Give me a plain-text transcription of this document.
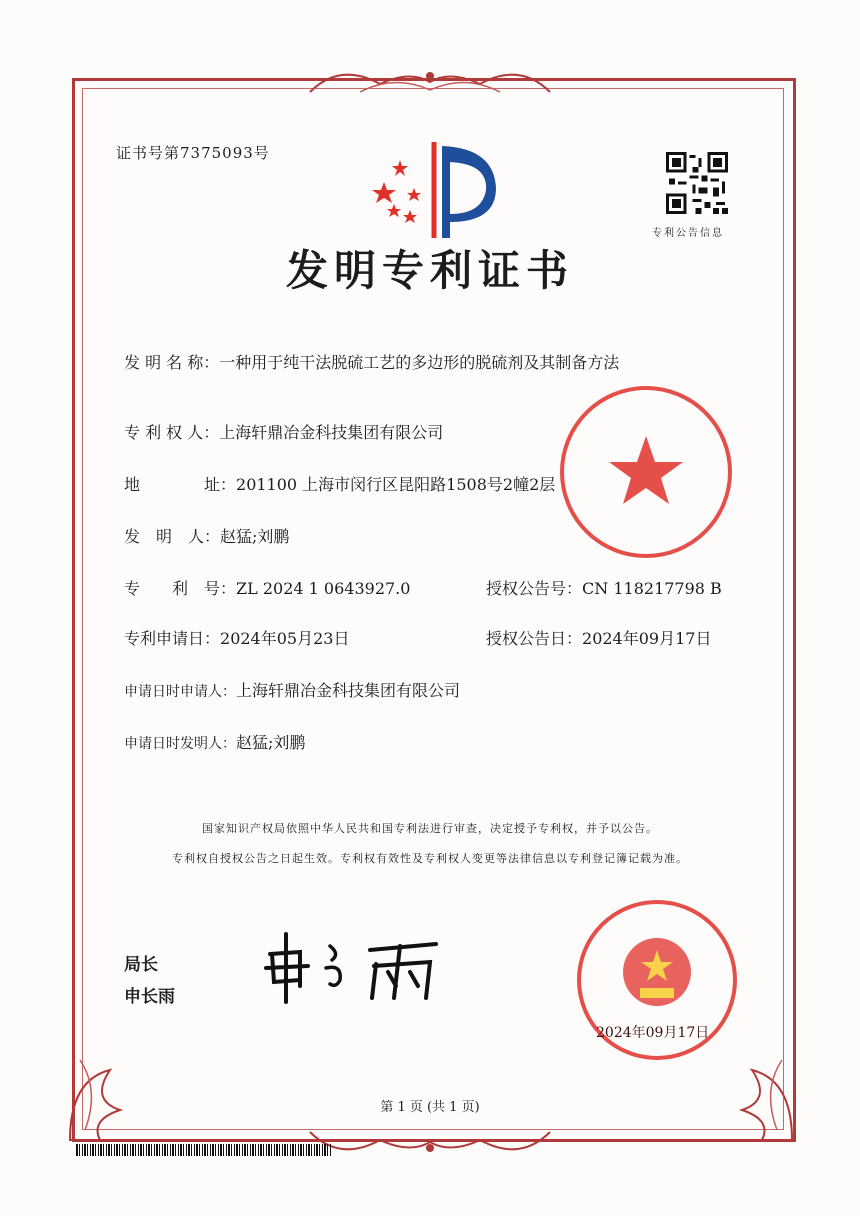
证书号第7375093号
专利公告信息
发明专利证书
发 明 名 称：一种用于纯干法脱硫工艺的多边形的脱硫剂及其制备方法
专 利 权 人：上海轩鼎冶金科技集团有限公司
地	址：201100 上海市闵行区昆阳路1508号2幢2层
发　明　人：赵猛;刘鹏
专　　利　号：ZL 2024 1 0643927.0	授权公告号：CN 118217798 B
专利申请日：2024年05月23日	授权公告日：2024年09月17日
申请日时申请人：上海轩鼎冶金科技集团有限公司
申请日时发明人：赵猛;刘鹏
国家知识产权局依照中华人民共和国专利法进行审查，决定授予专利权，并予以公告。
专利权自授权公告之日起生效。专利权有效性及专利权人变更等法律信息以专利登记簿记载为准。
局长
申长雨
2024年09月17日
第 1 页 (共 1 页)
